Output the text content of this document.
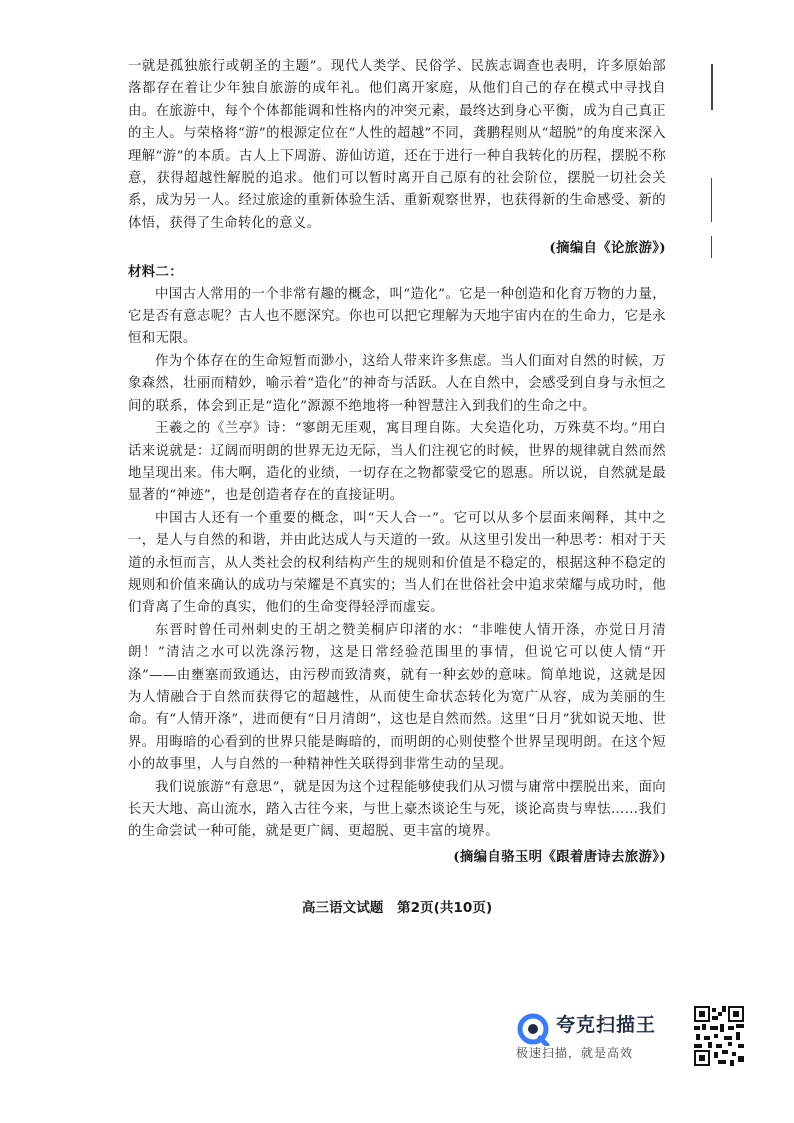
一就是孤独旅行或朝圣的主题”。现代人类学、民俗学、民族志调查也表明，许多原始部落都存在着让少年独自旅游的成年礼。他们离开家庭，从他们自己的存在模式中寻找自由。在旅游中，每个个体都能调和性格内的冲突元素，最终达到身心平衡，成为自己真正的主人。与荣格将“游”的根源定位在“人性的超越”不同，龚鹏程则从“超脱”的角度来深入理解“游”的本质。古人上下周游、游仙访道，还在于进行一种自我转化的历程，摆脱不称意，获得超越性解脱的追求。他们可以暂时离开自己原有的社会阶位，摆脱一切社会关系，成为另一人。经过旅途的重新体验生活、重新观察世界，也获得新的生命感受、新的体悟，获得了生命转化的意义。

(摘编自《论旅游》)

材料二：

中国古人常用的一个非常有趣的概念，叫“造化”。它是一种创造和化育万物的力量，它是否有意志呢？古人也不愿深究。你也可以把它理解为天地宇宙内在的生命力，它是永恒和无限。

作为个体存在的生命短暂而渺小，这给人带来许多焦虑。当人们面对自然的时候，万象森然，壮丽而精妙，喻示着“造化”的神奇与活跃。人在自然中，会感受到自身与永恒之间的联系，体会到正是“造化”源源不绝地将一种智慧注入到我们的生命之中。

王羲之的《兰亭》诗：“寥朗无厓观，寓目理自陈。大矣造化功，万殊莫不均。”用白话来说就是：辽阔而明朗的世界无边无际，当人们注视它的时候，世界的规律就自然而然地呈现出来。伟大啊，造化的业绩，一切存在之物都蒙受它的恩惠。所以说，自然就是最显著的“神迹”，也是创造者存在的直接证明。

中国古人还有一个重要的概念，叫“天人合一”。它可以从多个层面来阐释，其中之一，是人与自然的和谐，并由此达成人与天道的一致。从这里引发出一种思考：相对于天道的永恒而言，从人类社会的权利结构产生的规则和价值是不稳定的，根据这种不稳定的规则和价值来确认的成功与荣耀是不真实的；当人们在世俗社会中追求荣耀与成功时，他们背离了生命的真实，他们的生命变得轻浮而虚妄。

东晋时曾任司州刺史的王胡之赞美桐庐印渚的水：“非唯使人情开涤，亦觉日月清朗！”清洁之水可以洗涤污物，这是日常经验范围里的事情，但说它可以使人情“开涤”——由壅塞而致通达，由污秽而致清爽，就有一种玄妙的意味。简单地说，这就是因为人情融合于自然而获得它的超越性，从而使生命状态转化为宽广从容，成为美丽的生命。有“人情开涤”，进而便有“日月清朗”，这也是自然而然。这里“日月”犹如说天地、世界。用晦暗的心看到的世界只能是晦暗的，而明朗的心则使整个世界呈现明朗。在这个短小的故事里，人与自然的一种精神性关联得到非常生动的呈现。

我们说旅游“有意思”，就是因为这个过程能够使我们从习惯与庸常中摆脱出来，面向长天大地、高山流水，踏入古往今来，与世上豪杰谈论生与死，谈论高贵与卑怯……我们的生命尝试一种可能，就是更广阔、更超脱、更丰富的境界。

(摘编自骆玉明《跟着唐诗去旅游》)

高三语文试题　第2页(共10页)
夸克扫描王
极速扫描，就是高效
